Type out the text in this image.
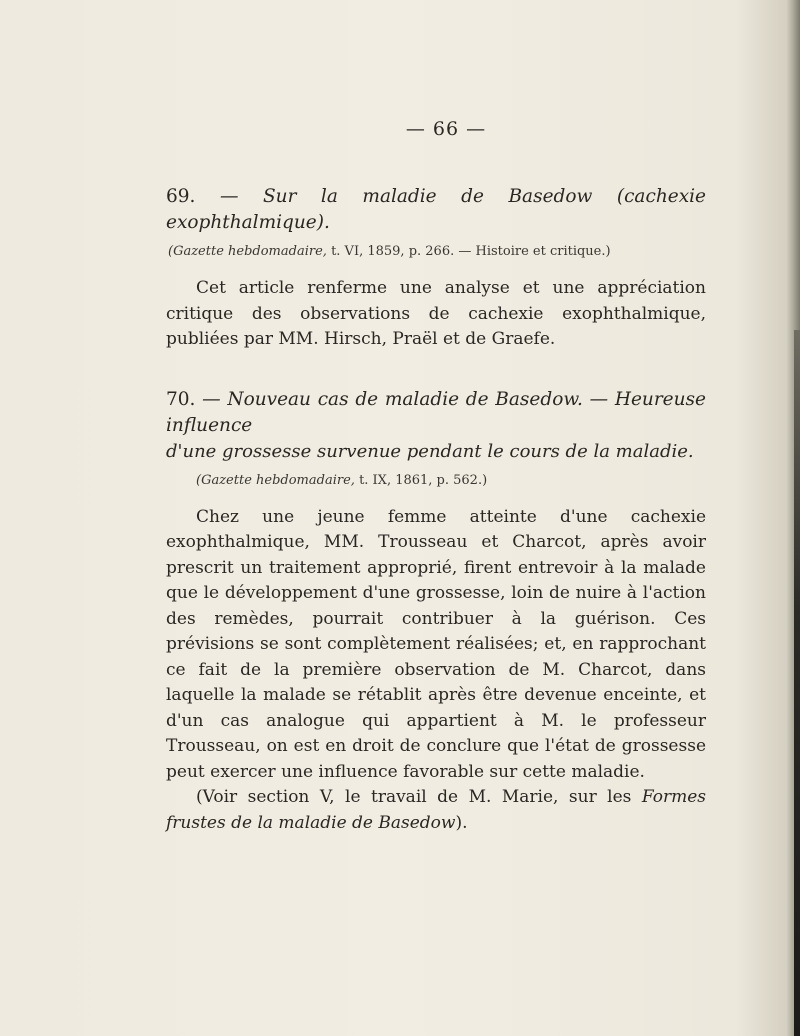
— 66 —

69. — Sur la maladie de Basedow (cachexie exophthalmique).

(Gazette hebdomadaire, t. VI, 1859, p. 266. — Histoire et critique.)

Cet article renferme une analyse et une appréciation critique des observations de cachexie exophthalmique, publiées par MM. Hirsch, Praël et de Graefe.

70. — Nouveau cas de maladie de Basedow. — Heureuse influence

d'une grossesse survenue pendant le cours de la maladie.

(Gazette hebdomadaire, t. IX, 1861, p. 562.)

Chez une jeune femme atteinte d'une cachexie exophthalmique, MM. Trousseau et Charcot, après avoir prescrit un traitement approprié, firent entrevoir à la malade que le développement d'une grossesse, loin de nuire à l'action des remèdes, pourrait contribuer à la guérison. Ces prévisions se sont complètement réalisées; et, en rapprochant ce fait de la première observation de M. Charcot, dans laquelle la malade se rétablit après être devenue enceinte, et d'un cas analogue qui appartient à M. le professeur Trousseau, on est en droit de conclure que l'état de grossesse peut exercer une influence favorable sur cette maladie.

(Voir section V, le travail de M. Marie, sur les Formes frustes de la maladie de Basedow).
